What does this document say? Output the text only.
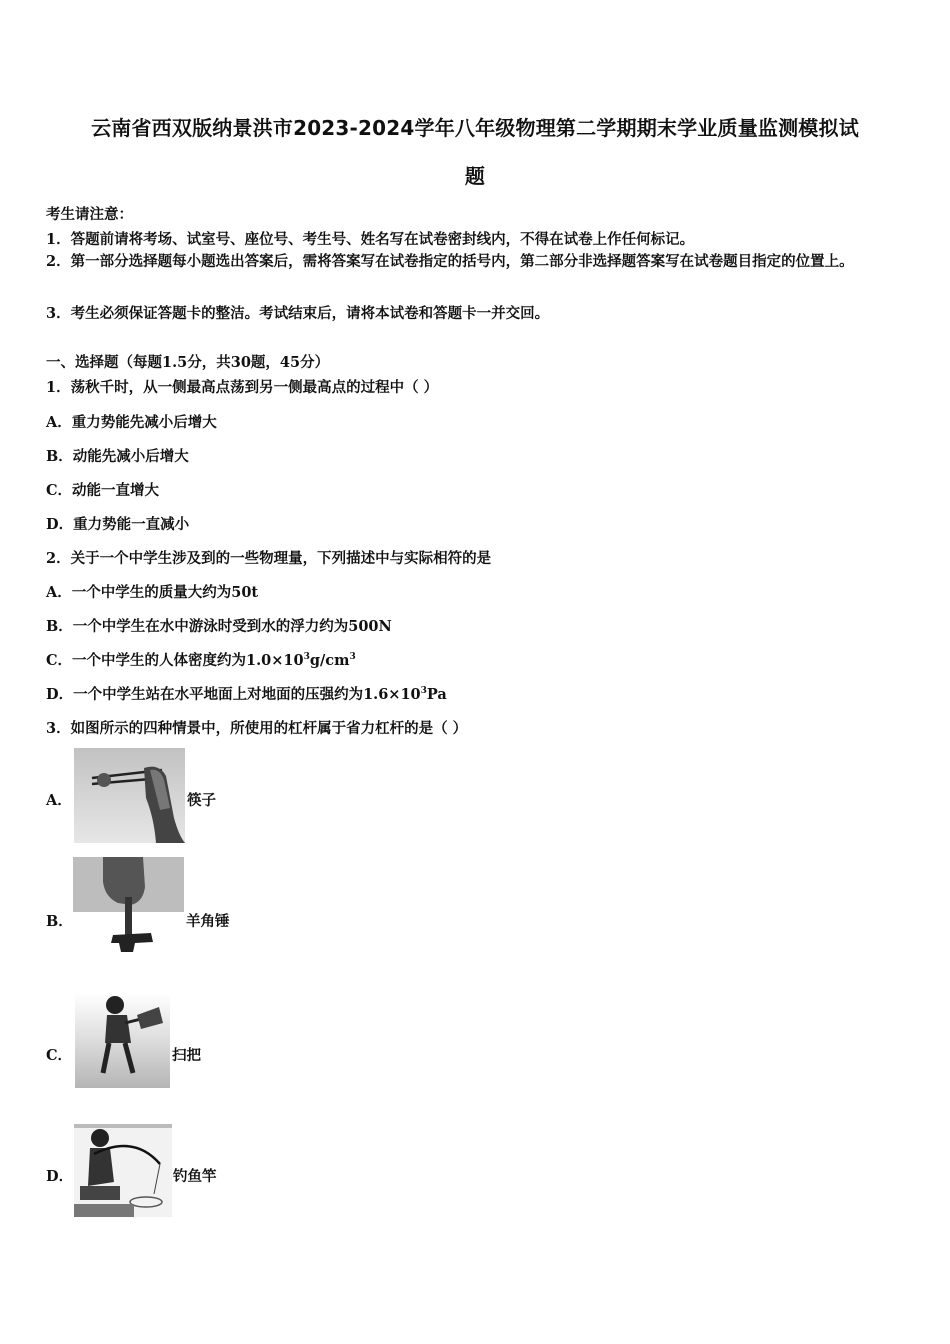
云南省西双版纳景洪市2023-2024学年八年级物理第二学期期末学业质量监测模拟试
题
考生请注意：
1．答题前请将考场、试室号、座位号、考生号、姓名写在试卷密封线内，不得在试卷上作任何标记。
2．第一部分选择题每小题选出答案后，需将答案写在试卷指定的括号内，第二部分非选择题答案写在试卷题目指定的位置上。
3．考生必须保证答题卡的整洁。考试结束后，请将本试卷和答题卡一并交回。
一、选择题（每题1.5分，共30题，45分）
1．荡秋千时，从一侧最高点荡到另一侧最高点的过程中（ ）
A．重力势能先减小后增大
B．动能先减小后增大
C．动能一直增大
D．重力势能一直减小
2．关于一个中学生涉及到的一些物理量，下列描述中与实际相符的是
A．一个中学生的质量大约为50t
B．一个中学生在水中游泳时受到水的浮力约为500N
C．一个中学生的人体密度约为$1.0\times 10^3g/cm^3$
D．一个中学生站在水平地面上对地面的压强约为$1.6\times 10^3Pa$
3．如图所示的四种情景中，所使用的杠杆属于省力杠杆的是（ ）
A．	筷子
B．	羊角锤
C．	扫把
D．	钓鱼竿
